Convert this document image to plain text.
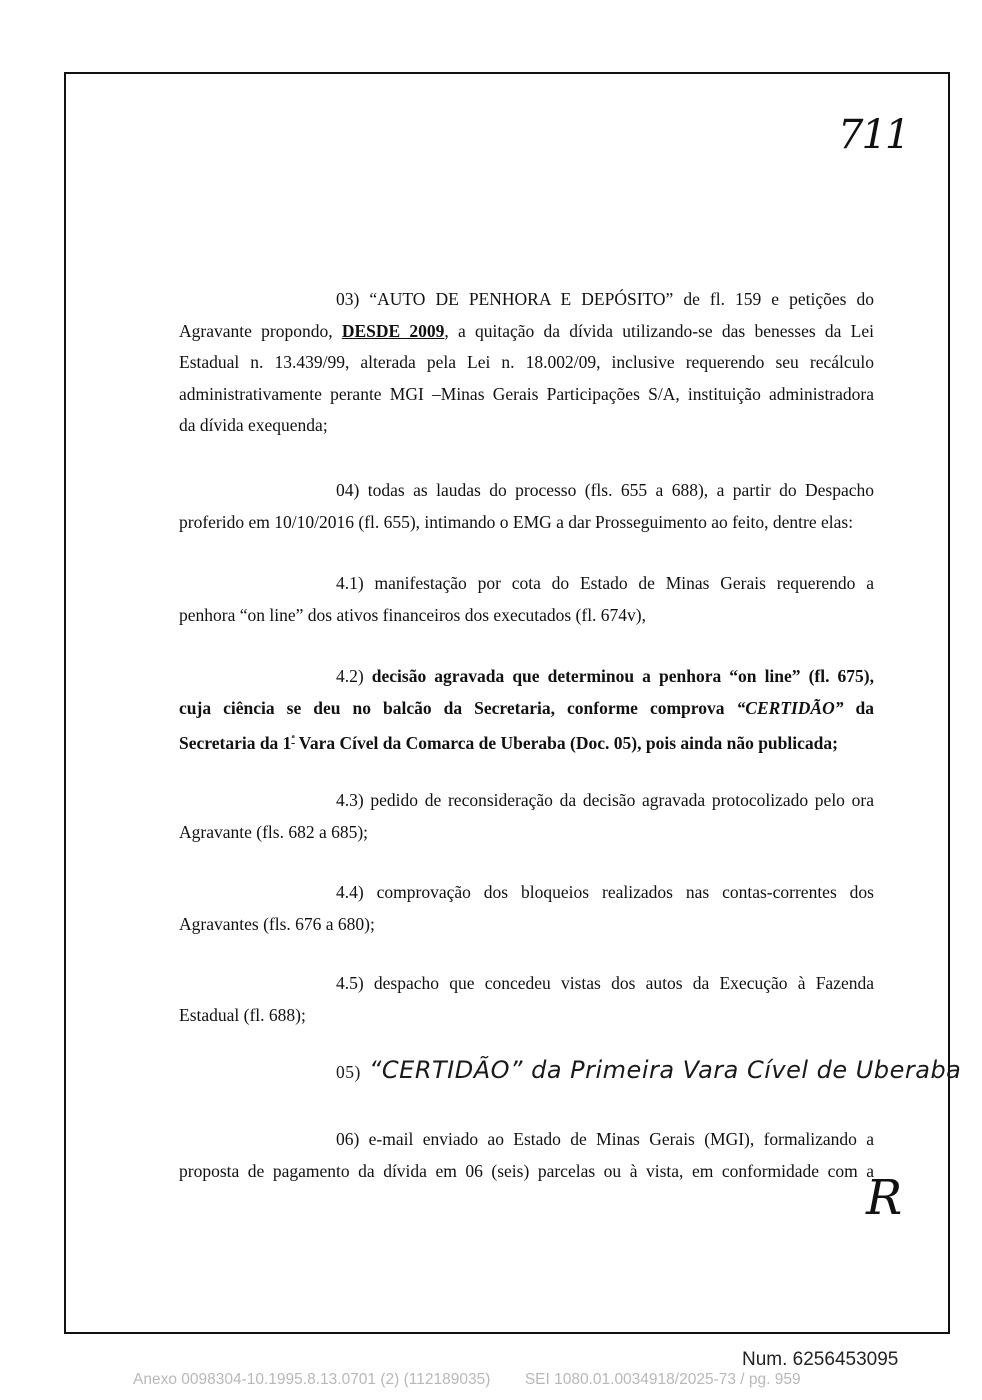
711
03) “AUTO DE PENHORA E DEPÓSITO” de fl. 159 e petições do
Agravante propondo, DESDE 2009, a quitação da dívida utilizando-se das benesses da Lei
Estadual n. 13.439/99, alterada pela Lei n. 18.002/09, inclusive requerendo seu recálculo
administrativamente perante MGI –Minas Gerais Participações S/A, instituição administradora
da dívida exequenda;
04) todas as laudas do processo (fls. 655 a 688), a partir do Despacho
proferido em 10/10/2016 (fl. 655), intimando o EMG a dar Prosseguimento ao feito, dentre elas:
4.1) manifestação por cota do Estado de Minas Gerais requerendo a
penhora “on line” dos ativos financeiros dos executados (fl. 674v),
4.2) decisão agravada que determinou a penhora “on line” (fl. 675),
cuja ciência se deu no balcão da Secretaria, conforme comprova “CERTIDÃO” da
Secretaria da $1^ª$ Vara Cível da Comarca de Uberaba (Doc. 05), pois ainda não publicada;
4.3) pedido de reconsideração da decisão agravada protocolizado pelo ora
Agravante (fls. 682 a 685);
4.4) comprovação dos bloqueios realizados nas contas-correntes dos
Agravantes (fls. 676 a 680);
4.5) despacho que concedeu vistas dos autos da Execução à Fazenda
Estadual (fl. 688);
05) “CERTIDÃO” da Primeira Vara Cível de Uberaba
06) e-mail enviado ao Estado de Minas Gerais (MGI), formalizando a
proposta de pagamento da dívida em 06 (seis) parcelas ou à vista, em conformidade com a
R
Num. 6256453095
Anexo 0098304-10.1995.8.13.0701 (2) (112189035)        SEI 1080.01.0034918/2025-73 / pg. 959
